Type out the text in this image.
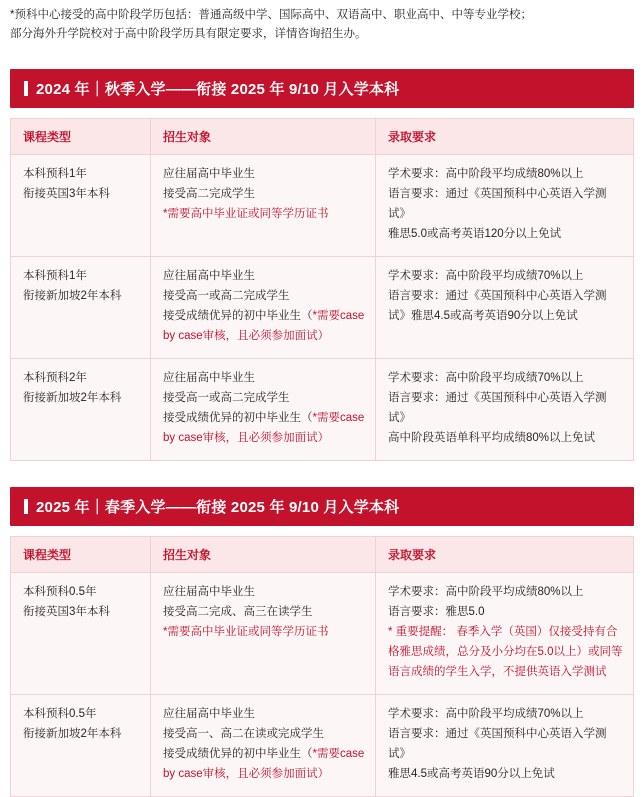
*预科中心接受的高中阶段学历包括：普通高级中学、国际高中、双语高中、职业高中、中等专业学校；
部分海外升学院校对于高中阶段学历具有限定要求，详情咨询招生办。
2024 年｜秋季入学——衔接 2025 年 9/10 月入学本科
课程类型	招生对象	录取要求

本科预科1年
衔接英国3年本科	应往届高中毕业生
接受高二完成学生
*需要高中毕业证或同等学历证书	学术要求：高中阶段平均成绩80%以上
语言要求：通过《英国预科中心英语入学测试》
雅思5.0或高考英语120分以上免试

本科预科1年
衔接新加坡2年本科	应往届高中毕业生
接受高一或高二完成学生
接受成绩优异的初中毕业生（*需要case by case审核，且必须参加面试）	学术要求：高中阶段平均成绩70%以上
语言要求：通过《英国预科中心英语入学测试》雅思4.5或高考英语90分以上免试

本科预科2年
衔接新加坡2年本科	应往届高中毕业生
接受高一或高二完成学生
接受成绩优异的初中毕业生（*需要case by case审核，且必须参加面试）	学术要求：高中阶段平均成绩70%以上
语言要求：通过《英国预科中心英语入学测试》
高中阶段英语单科平均成绩80%以上免试
2025 年｜春季入学——衔接 2025 年 9/10 月入学本科
课程类型	招生对象	录取要求

本科预科0.5年
衔接英国3年本科	应往届高中毕业生
接受高二完成、高三在读学生
*需要高中毕业证或同等学历证书	学术要求：高中阶段平均成绩80%以上
语言要求：雅思5.0
* 重要提醒： 春季入学（英国）仅接受持有合格雅思成绩，总分及小分均在5.0以上）或同等语言成绩的学生入学，不提供英语入学测试

本科预科0.5年
衔接新加坡2年本科	应往届高中毕业生
接受高一、高二在读或完成学生
接受成绩优异的初中毕业生（*需要case by case审核，且必须参加面试）	学术要求：高中阶段平均成绩70%以上
语言要求：通过《英国预科中心英语入学测试》
雅思4.5或高考英语90分以上免试
